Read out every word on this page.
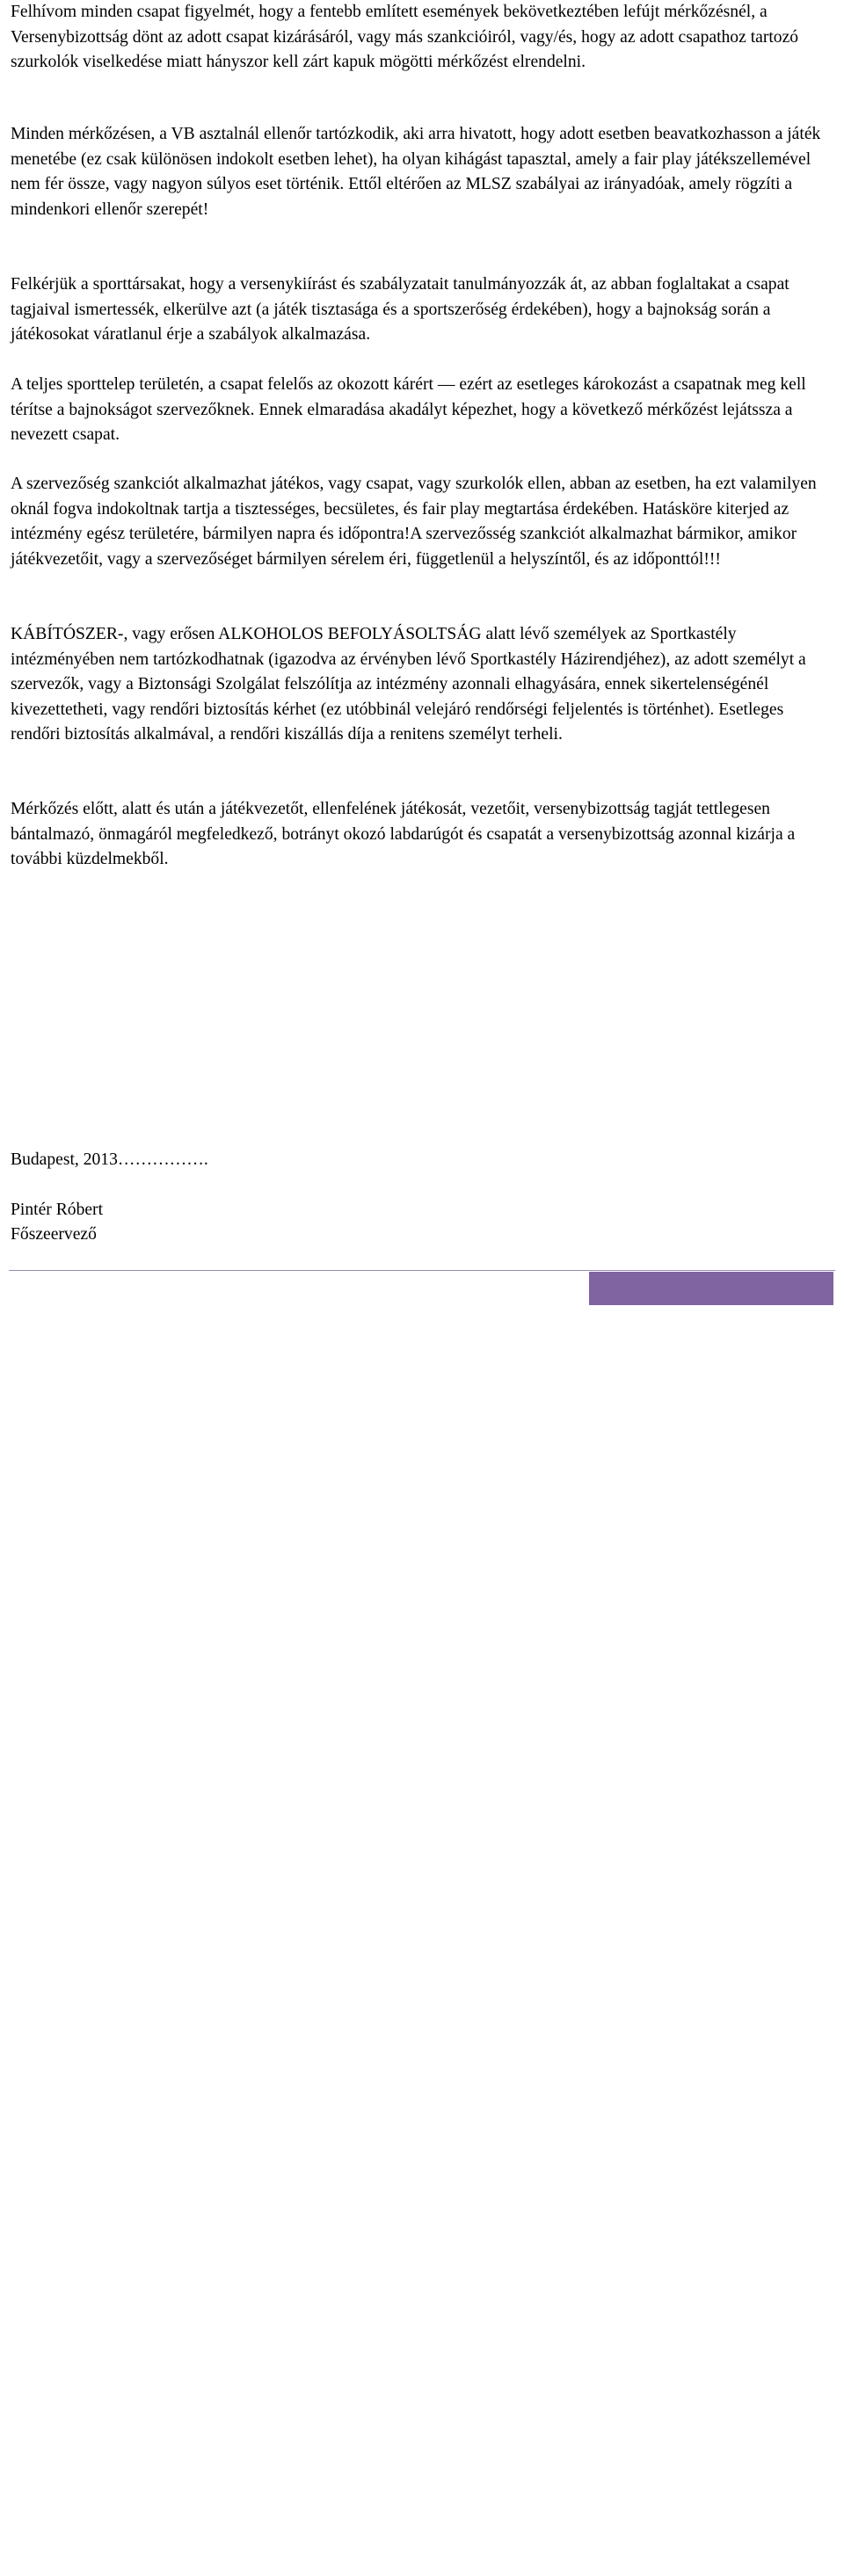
Felhívom minden csapat figyelmét, hogy a fentebb említett események bekövetkeztében lefújt mérkőzésnél, a Versenybizottság dönt az adott csapat kizárásáról, vagy más szankcióiról, vagy/és, hogy az adott csapathoz tartozó szurkolók viselkedése miatt hányszor kell zárt kapuk mögötti mérkőzést elrendelni.

Minden mérkőzésen, a VB asztalnál ellenőr tartózkodik, aki arra hivatott, hogy adott esetben beavatkozhasson a játék menetébe (ez csak különösen indokolt esetben lehet), ha olyan kihágást tapasztal, amely a fair play játékszellemével nem fér össze, vagy nagyon súlyos eset történik. Ettől eltérően az MLSZ szabályai az irányadóak, amely rögzíti a mindenkori ellenőr szerepét!

Felkérjük a sporttársakat, hogy a versenykiírást és szabályzatait tanulmányozzák át, az abban foglaltakat a csapat tagjaival ismertessék, elkerülve azt (a játék tisztasága és a sportszerőség érdekében), hogy a bajnokság során a játékosokat váratlanul érje a szabályok alkalmazása.

A teljes sporttelep területén, a csapat felelős az okozott kárért — ezért az esetleges károkozást a csapatnak meg kell térítse a bajnokságot szervezőknek. Ennek elmaradása akadályt képezhet, hogy a következő mérkőzést lejátssza a nevezett csapat.

A szervezőség szankciót alkalmazhat játékos, vagy csapat, vagy szurkolók ellen, abban az esetben, ha ezt valamilyen oknál fogva indokoltnak tartja a tisztességes, becsületes, és fair play megtartása érdekében. Hatásköre kiterjed az intézmény egész területére, bármilyen napra és időpontra!A szervezősség szankciót alkalmazhat bármikor, amikor játékvezetőit, vagy a szervezőséget bármilyen sérelem éri, függetlenül a helyszíntől, és az időponttól!!!

KÁBÍTÓSZER-, vagy erősen ALKOHOLOS BEFOLYÁSOLTSÁG alatt lévő személyek az Sportkastély intézményében nem tartózkodhatnak (igazodva az érvényben lévő Sportkastély Házirendjéhez), az adott személyt a szervezők, vagy a Biztonsági Szolgálat felszólítja az intézmény azonnali elhagyására, ennek sikertelenségénél kivezettetheti, vagy rendőri biztosítás kérhet (ez utóbbinál velejáró rendőrségi feljelentés is történhet). Esetleges rendőri biztosítás alkalmával, a rendőri kiszállás díja a renitens személyt terheli.

Mérkőzés előtt, alatt és után a játékvezetőt, ellenfelének játékosát, vezetőit, versenybizottság tagját tettlegesen bántalmazó, önmagáról megfeledkező, botrányt okozó labdarúgót és csapatát a versenybizottság azonnal kizárja a további küzdelmekből.

Budapest, 2013…………….

Pintér Róbert

Főszeervező

10
